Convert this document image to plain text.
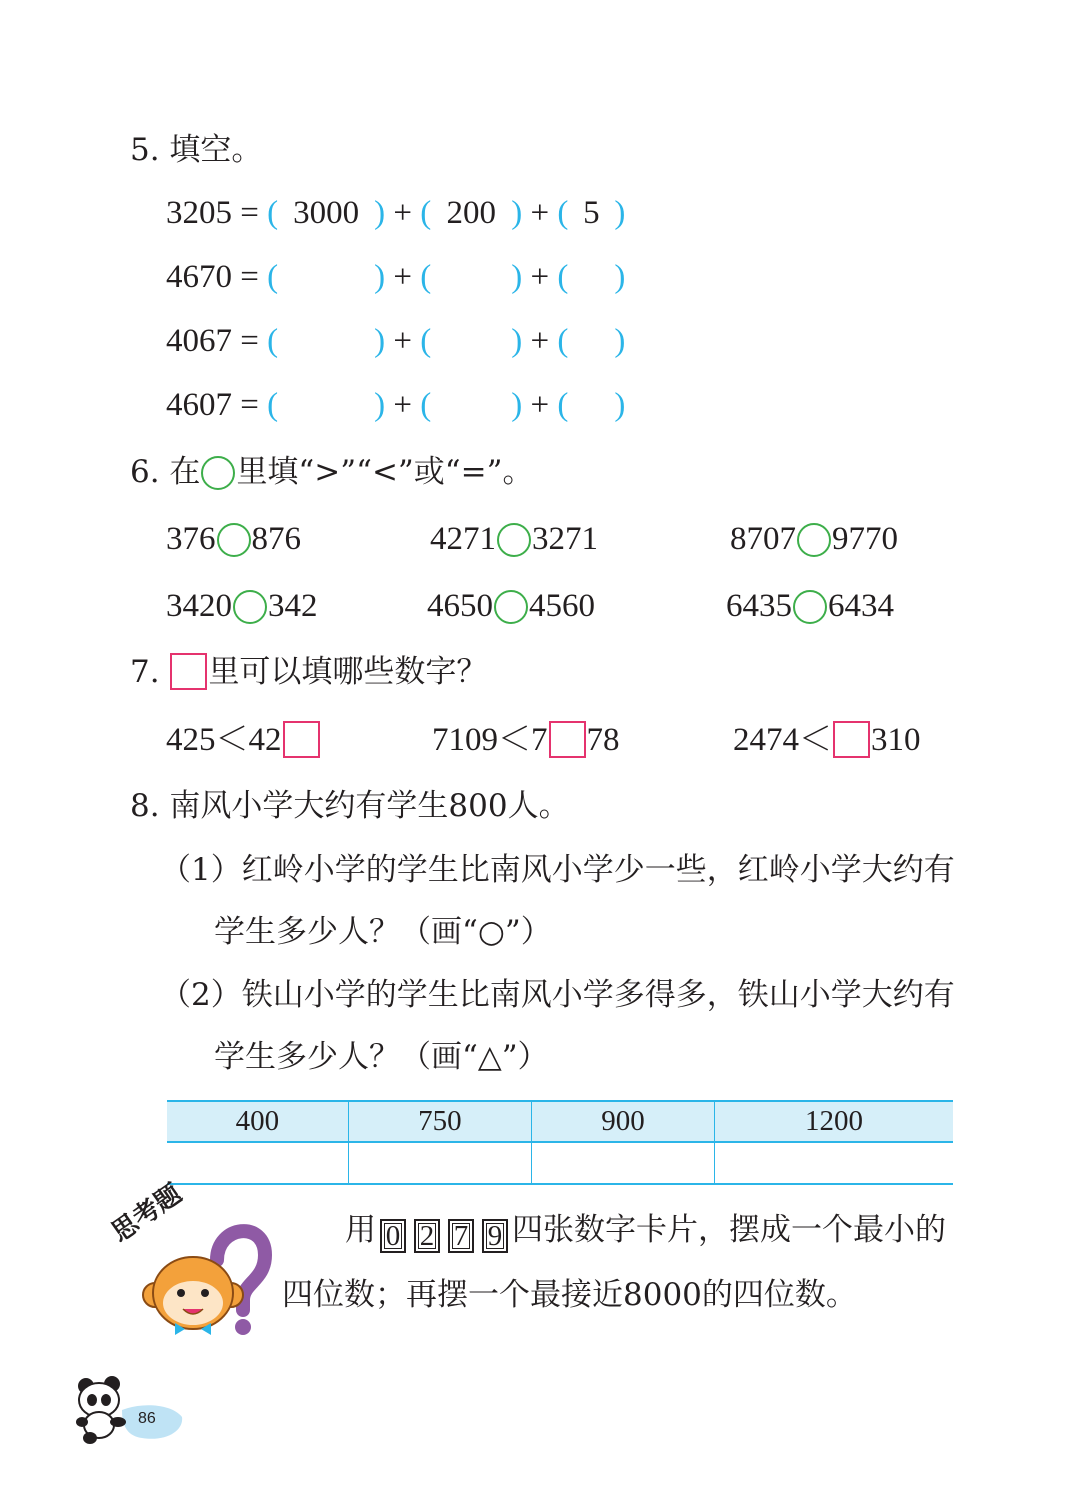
5. 填空。
3205 = ( 3000 ) + ( 200 ) + ( 5 )
4670 = (	) + ( ) + ( )
4067 = (	) + ( ) + ( )
4607 = (	) + ( ) + ( )
6. 在 里填“>”“<”或“=”。
376 876	4271 3271	8707 9770
3420 342	4650 4560	6435 6434
7. 里可以填哪些数字？
425＜42	7109＜7 78	2474＜ 310
8. 南风小学大约有学生800人。
（1）红岭小学的学生比南风小学少一些，红岭小学大约有
学生多少人？（画“○”）
（2）铁山小学的学生比南风小学多得多，铁山小学大约有
学生多少人？（画“△”）
400	750	900	1200

思考题	用 0 2 7 9 四张数字卡片，摆成一个最小的
四位数；再摆一个最接近8000的四位数。
86
